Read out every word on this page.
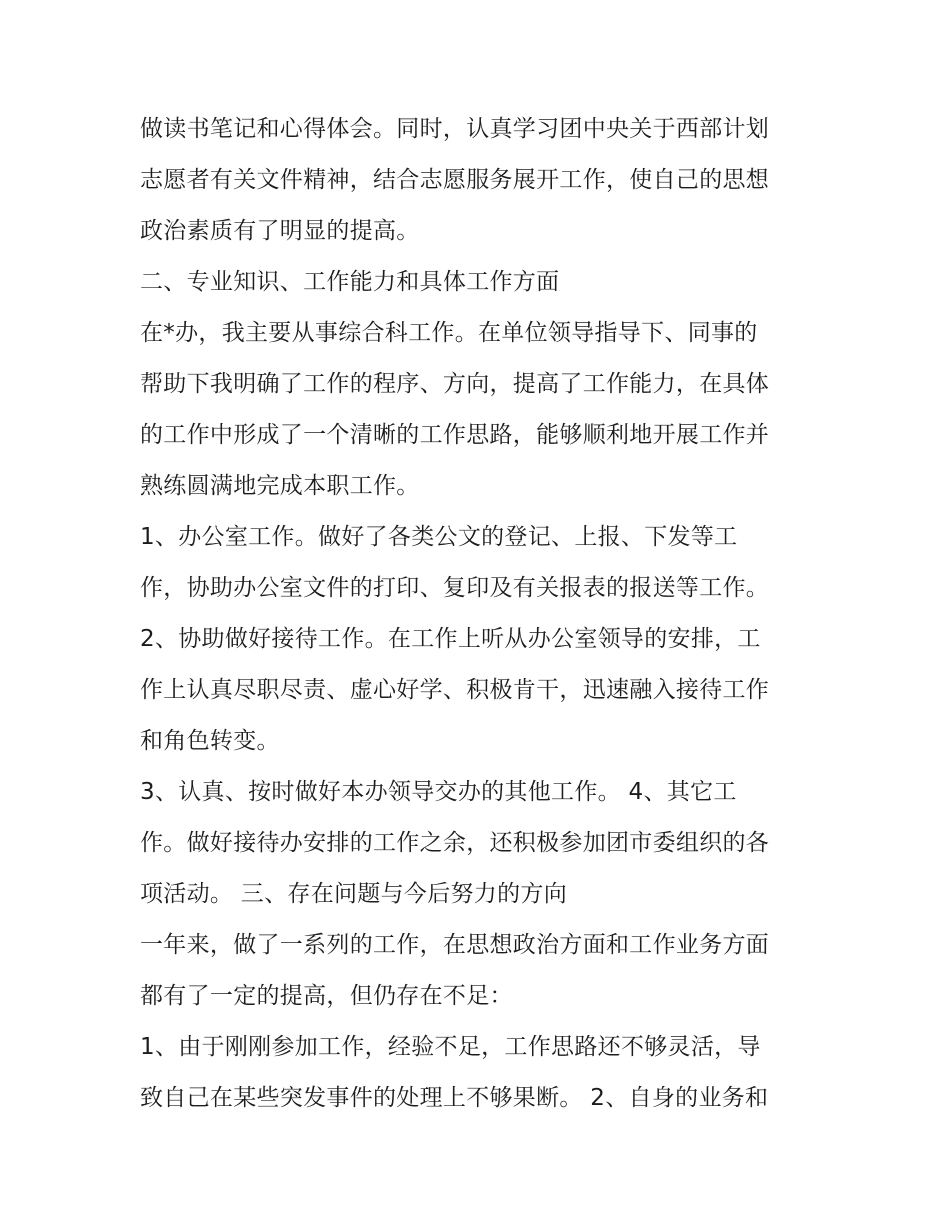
做读书笔记和心得体会。同时，认真学习团中央关于西部计划
志愿者有关文件精神，结合志愿服务展开工作，使自己的思想
政治素质有了明显的提高。
二、专业知识、工作能力和具体工作方面
在*办，我主要从事综合科工作。在单位领导指导下、同事的
帮助下我明确了工作的程序、方向，提高了工作能力，在具体
的工作中形成了一个清晰的工作思路，能够顺利地开展工作并
熟练圆满地完成本职工作。
1、办公室工作。做好了各类公文的登记、上报、下发等工
作，协助办公室文件的打印、复印及有关报表的报送等工作。
2、协助做好接待工作。在工作上听从办公室领导的安排，工
作上认真尽职尽责、虚心好学、积极肯干，迅速融入接待工作
和角色转变。
3、认真、按时做好本办领导交办的其他工作。 4、其它工
作。做好接待办安排的工作之余，还积极参加团市委组织的各
项活动。 三、存在问题与今后努力的方向
一年来，做了一系列的工作，在思想政治方面和工作业务方面
都有了一定的提高，但仍存在不足：
1、由于刚刚参加工作，经验不足，工作思路还不够灵活，导
致自己在某些突发事件的处理上不够果断。 2、自身的业务和
